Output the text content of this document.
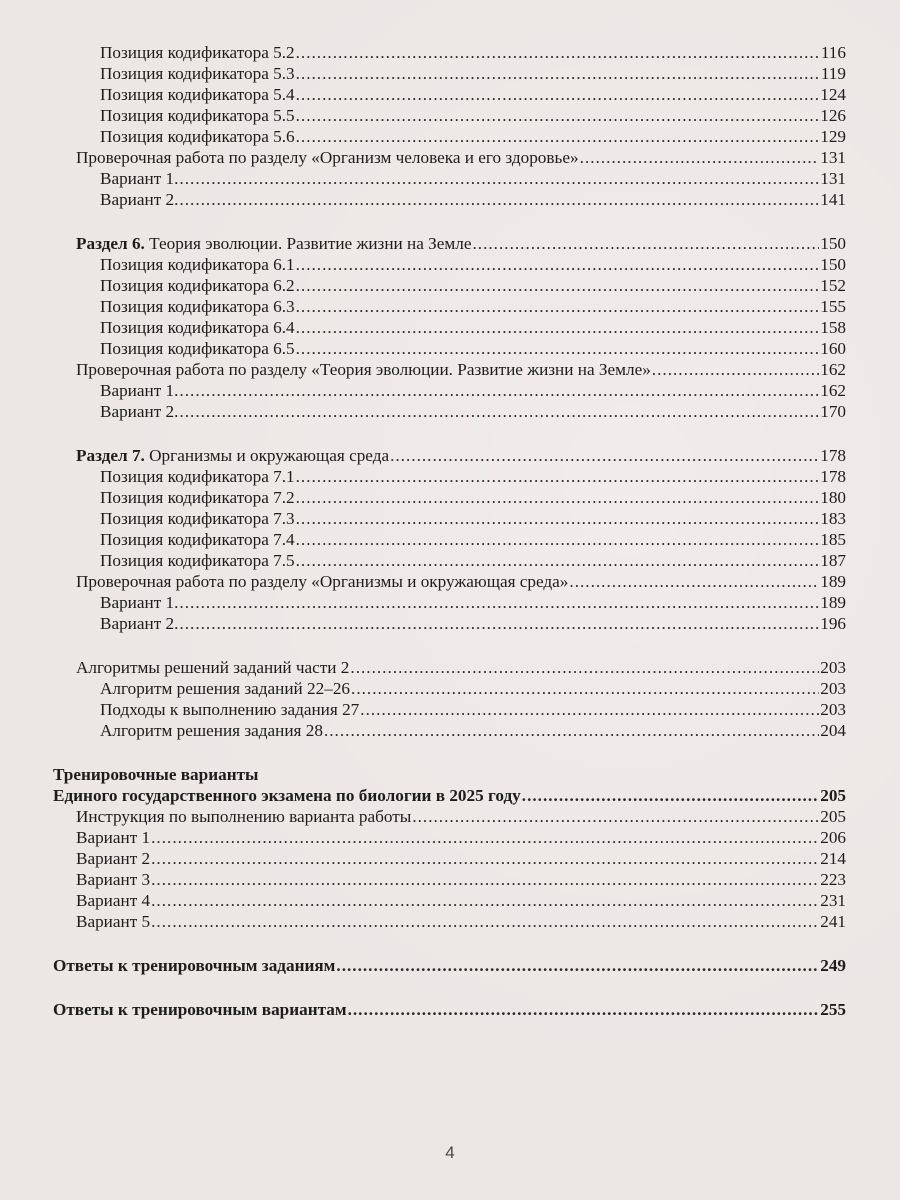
Позиция кодификатора 5.2 .....	116
Позиция кодификатора 5.3 .....	119
Позиция кодификатора 5.4 .....	124
Позиция кодификатора 5.5 .....	126
Позиция кодификатора 5.6 .....	129
Проверочная работа по разделу «Организм человека и его здоровье» .....	131
Вариант 1. .....	131
Вариант 2. .....	141
Раздел 6. Теория эволюции. Развитие жизни на Земле .....	150
Позиция кодификатора 6.1 .....	150
Позиция кодификатора 6.2 .....	152
Позиция кодификатора 6.3 .....	155
Позиция кодификатора 6.4 .....	158
Позиция кодификатора 6.5 .....	160
Проверочная работа по разделу «Теория эволюции. Развитие жизни на Земле» .....	162
Вариант 1. .....	162
Вариант 2. .....	170
Раздел 7. Организмы и окружающая среда .....	178
Позиция кодификатора 7.1 .....	178
Позиция кодификатора 7.2 .....	180
Позиция кодификатора 7.3 .....	183
Позиция кодификатора 7.4 .....	185
Позиция кодификатора 7.5 .....	187
Проверочная работа по разделу «Организмы и окружающая среда» .....	189
Вариант 1. .....	189
Вариант 2. .....	196
Алгоритмы решений заданий части 2 .....	203
Алгоритм решения заданий 22–26 .....	203
Подходы к выполнению задания 27 .....	203
Алгоритм решения задания 28 .....	204
Тренировочные варианты
Единого государственного экзамена по биологии в 2025 году .....	205
Инструкция по выполнению варианта работы .....	205
Вариант 1 .....	206
Вариант 2 .....	214
Вариант 3 .....	223
Вариант 4 .....	231
Вариант 5 .....	241
Ответы к тренировочным заданиям .....	249
Ответы к тренировочным вариантам .....	255
4
